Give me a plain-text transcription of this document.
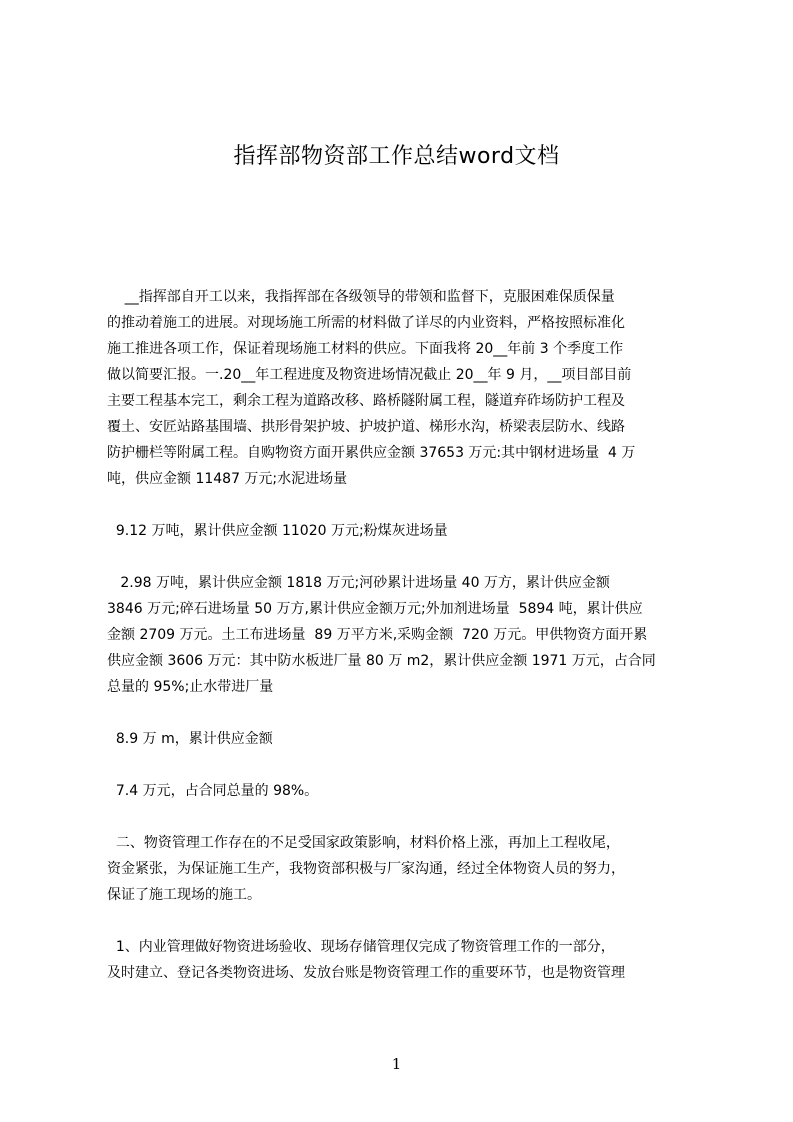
指挥部物资部工作总结word文档
__指挥部自开工以来，我指挥部在各级领导的带领和监督下，克服困难保质保量
的推动着施工的进展。对现场施工所需的材料做了详尽的内业资料，严格按照标准化
施工推进各项工作，保证着现场施工材料的供应。下面我将 20__年前 3 个季度工作
做以简要汇报。一.20__年工程进度及物资进场情况截止 20__年 9 月，__项目部目前
主要工程基本完工，剩余工程为道路改移、路桥隧附属工程，隧道弃砟场防护工程及
覆土、安匠站路基围墙、拱形骨架护坡、护坡护道、梯形水沟，桥梁表层防水、线路
防护栅栏等附属工程。自购物资方面开累供应金额 37653 万元:其中钢材进场量  4 万
吨，供应金额 11487 万元;水泥进场量
9.12 万吨，累计供应金额 11020 万元;粉煤灰进场量
2.98 万吨，累计供应金额 1818 万元;河砂累计进场量 40 万方，累计供应金额
3846 万元;碎石进场量 50 万方,累计供应金额万元;外加剂进场量  5894 吨，累计供应
金额 2709 万元。土工布进场量  89 万平方米,采购金额  720 万元。甲供物资方面开累
供应金额 3606 万元：其中防水板进厂量 80 万 m2，累计供应金额 1971 万元，占合同
总量的 95%;止水带进厂量
8.9 万 m，累计供应金额
7.4 万元，占合同总量的 98%。
二、物资管理工作存在的不足受国家政策影响，材料价格上涨，再加上工程收尾，
资金紧张，为保证施工生产，我物资部积极与厂家沟通，经过全体物资人员的努力，
保证了施工现场的施工。
1、内业管理做好物资进场验收、现场存储管理仅完成了物资管理工作的一部分，
及时建立、登记各类物资进场、发放台账是物资管理工作的重要环节，也是物资管理
1
